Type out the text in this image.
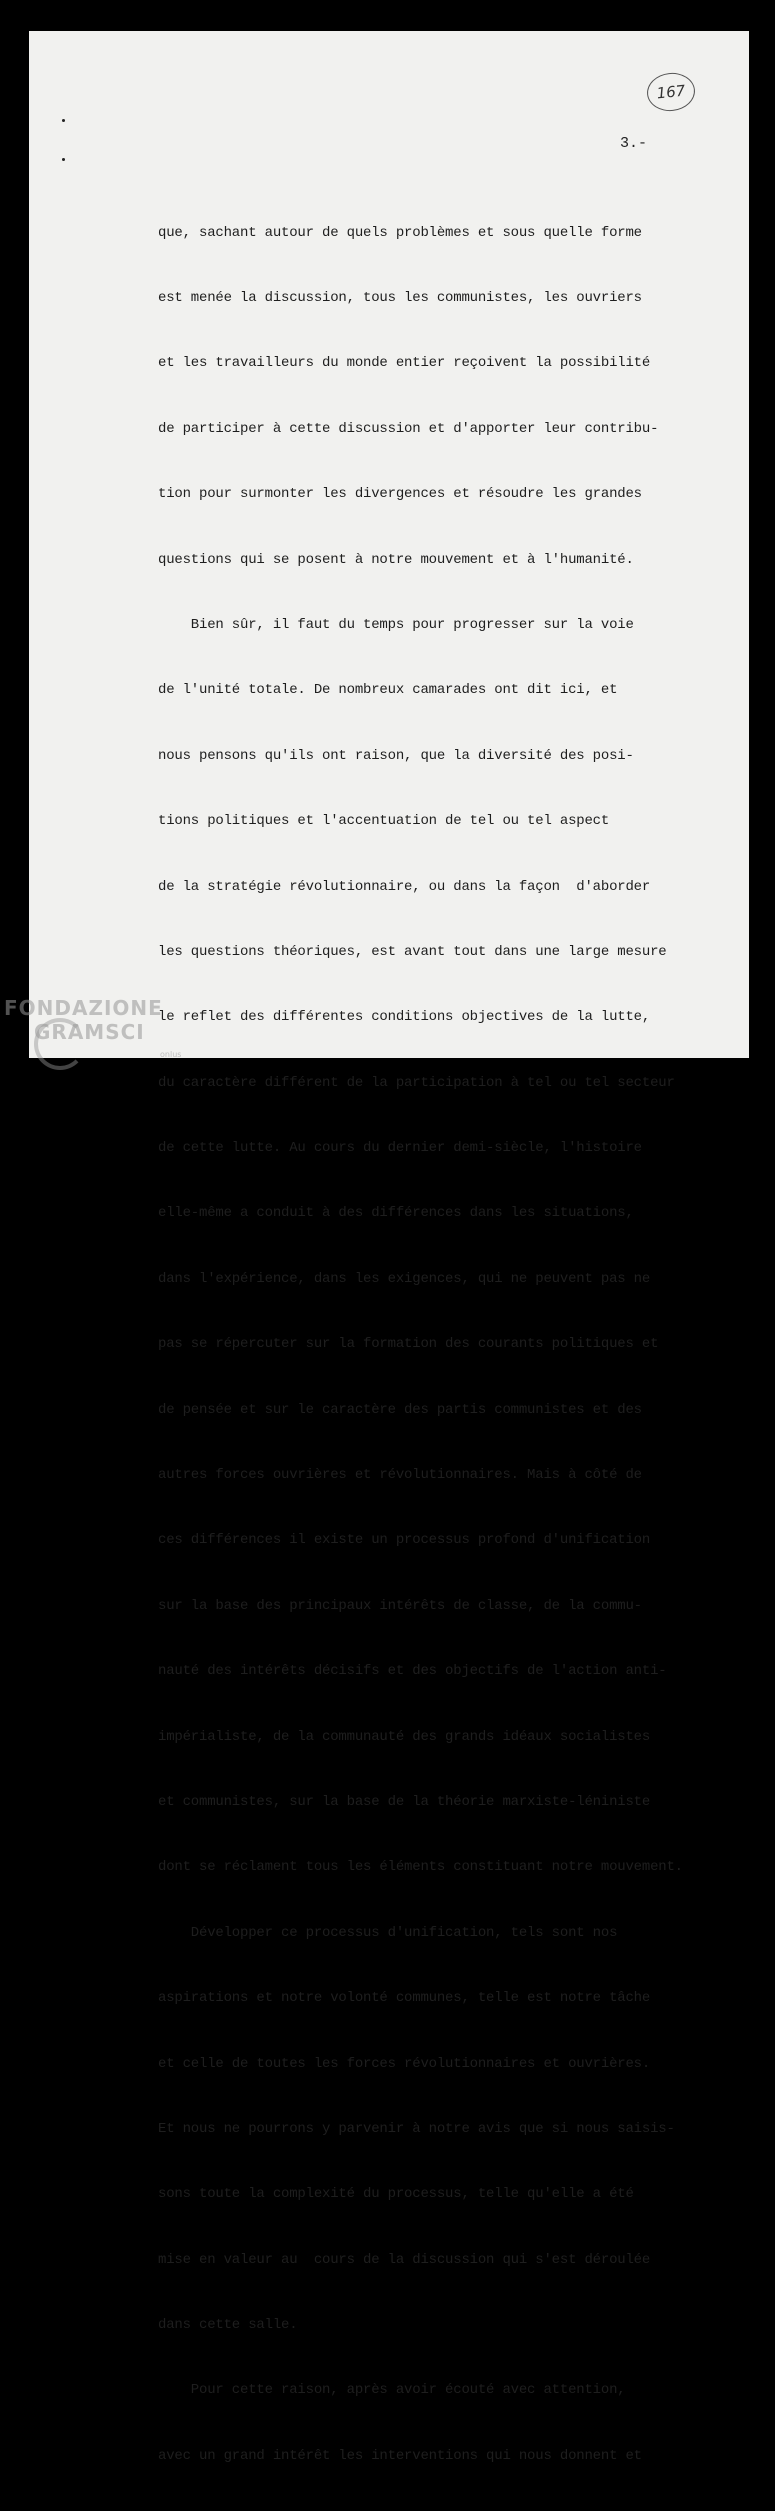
167
3.-

que, sachant autour de quels problèmes et sous quelle forme

est menée la discussion, tous les communistes, les ouvriers

et les travailleurs du monde entier reçoivent la possibilité

de participer à cette discussion et d'apporter leur contribu-

tion pour surmonter les divergences et résoudre les grandes

questions qui se posent à notre mouvement et à l'humanité.

Bien sûr, il faut du temps pour progresser sur la voie

de l'unité totale. De nombreux camarades ont dit ici, et

nous pensons qu'ils ont raison, que la diversité des posi-

tions politiques et l'accentuation de tel ou tel aspect

de la stratégie révolutionnaire, ou dans la façon  d'aborder

les questions théoriques, est avant tout dans une large mesure

le reflet des différentes conditions objectives de la lutte,

du caractère différent de la participation à tel ou tel secteur

de cette lutte. Au cours du dernier demi-siècle, l'histoire

elle-même a conduit à des différences dans les situations,

dans l'expérience, dans les exigences, qui ne peuvent pas ne

pas se répercuter sur la formation des courants politiques et

de pensée et sur le caractère des partis communistes et des

autres forces ouvrières et révolutionnaires. Mais à côté de

ces différences il existe un processus profond d'unification

sur la base des principaux intérêts de classe, de la commu-

nauté des intérêts décisifs et des objectifs de l'action anti-

impérialiste, de la communauté des grands idéaux socialistes

et communistes, sur la base de la théorie marxiste-léniniste

dont se réclament tous les éléments constituant notre mouvement.

Développer ce processus d'unification, tels sont nos

aspirations et notre volonté communes, telle est notre tâche

et celle de toutes les forces révolutionnaires et ouvrières.

Et nous ne pourrons y parvenir à notre avis que si nous saisis-

sons toute la complexité du processus, telle qu'elle a été

mise en valeur au  cours de la discussion qui s'est déroulée

dans cette salle.

Pour cette raison, après avoir écouté avec attention,

avec un grand intérêt les interventions qui nous donnent et

FONDAZIONE
GRAMSCI
onlus
